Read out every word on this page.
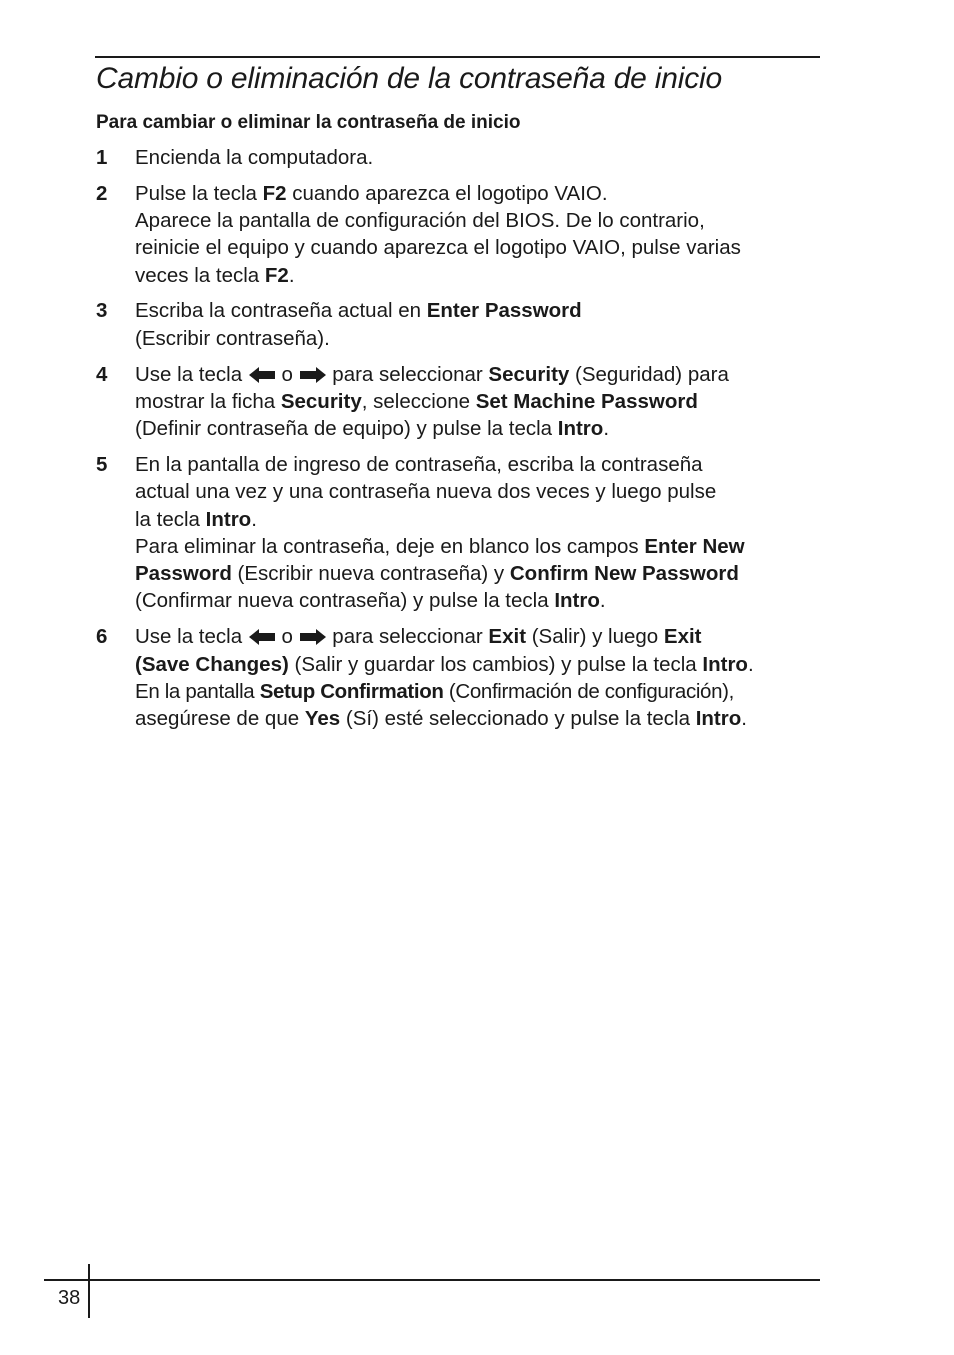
Cambio o eliminación de la contraseña de inicio
Para cambiar o eliminar la contraseña de inicio
1 Encienda la computadora.
2 Pulse la tecla F2 cuando aparezca el logotipo VAIO.
Aparece la pantalla de configuración del BIOS. De lo contrario,
reinicie el equipo y cuando aparezca el logotipo VAIO, pulse varias
veces la tecla F2.
3 Escriba la contraseña actual en Enter Password
(Escribir contraseña).
4 Use la tecla
o
para seleccionar Security (Seguridad) para
mostrar la ficha Security, seleccione Set Machine Password
(Definir contraseña de equipo) y pulse la tecla Intro.
5 En la pantalla de ingreso de contraseña, escriba la contraseña
actual una vez y una contraseña nueva dos veces y luego pulse
la tecla Intro.
Para eliminar la contraseña, deje en blanco los campos Enter New
Password (Escribir nueva contraseña) y Confirm New Password
(Confirmar nueva contraseña) y pulse la tecla Intro.
6 Use la tecla
o
para seleccionar Exit (Salir) y luego Exit
(Save Changes) (Salir y guardar los cambios) y pulse la tecla Intro.
En la pantalla Setup Confirmation (Confirmación de configuración),
asegúrese de que Yes (Sí) esté seleccionado y pulse la tecla Intro.
38
